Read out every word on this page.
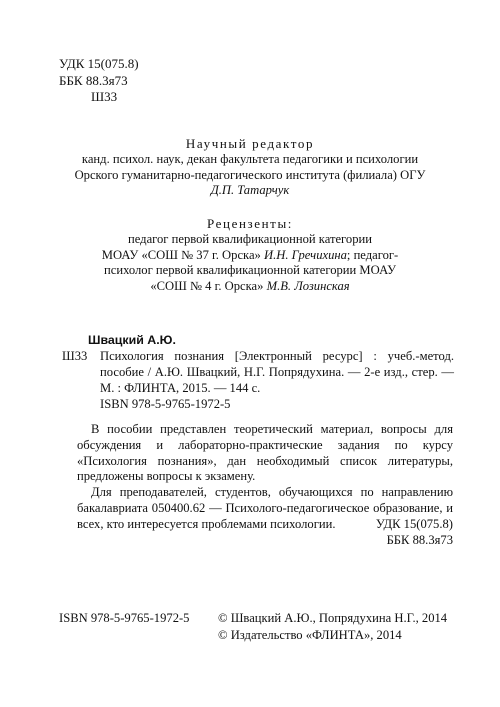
УДК 15(075.8)
ББК 88.3я73
Ш33
Научный редактор
канд. психол. наук, декан факультета педагогики и психологии
Орского гуманитарно-педагогического института (филиала) ОГУ
Д.П. Татарчук
Рецензенты:
педагог первой квалификационной категории
МОАУ «СОШ № 37 г. Орска» И.Н. Гречихина; педагог-
психолог первой квалификационной категории МОАУ
«СОШ № 4 г. Орска» М.В. Лозинская
Швацкий А.Ю.
Ш33	Психология познания [Электронный ресурс] : учеб.-метод. пособие / А.Ю. Швацкий, Н.Г. Попрядухина. — 2-е изд., стер. — М. : ФЛИНТА, 2015. — 144 с.
ISBN 978-5-9765-1972-5

В пособии представлен теоретический материал, вопросы для обсуждения и лабораторно-практические задания по курсу «Психология познания», дан необходимый список литературы, предложены вопросы к экзамену.

Для преподавателей, студентов, обучающихся по направлению бакалавриата 050400.62 — Психолого-педагогическое образование, и всех, кто интересуется проблемами психологии.	УДК 15(075.8)
ББК 88.3я73
ISBN 978-5-9765-1972-5 © Швацкий А.Ю., Попрядухина Н.Г., 2014
© Издательство «ФЛИНТА», 2014
